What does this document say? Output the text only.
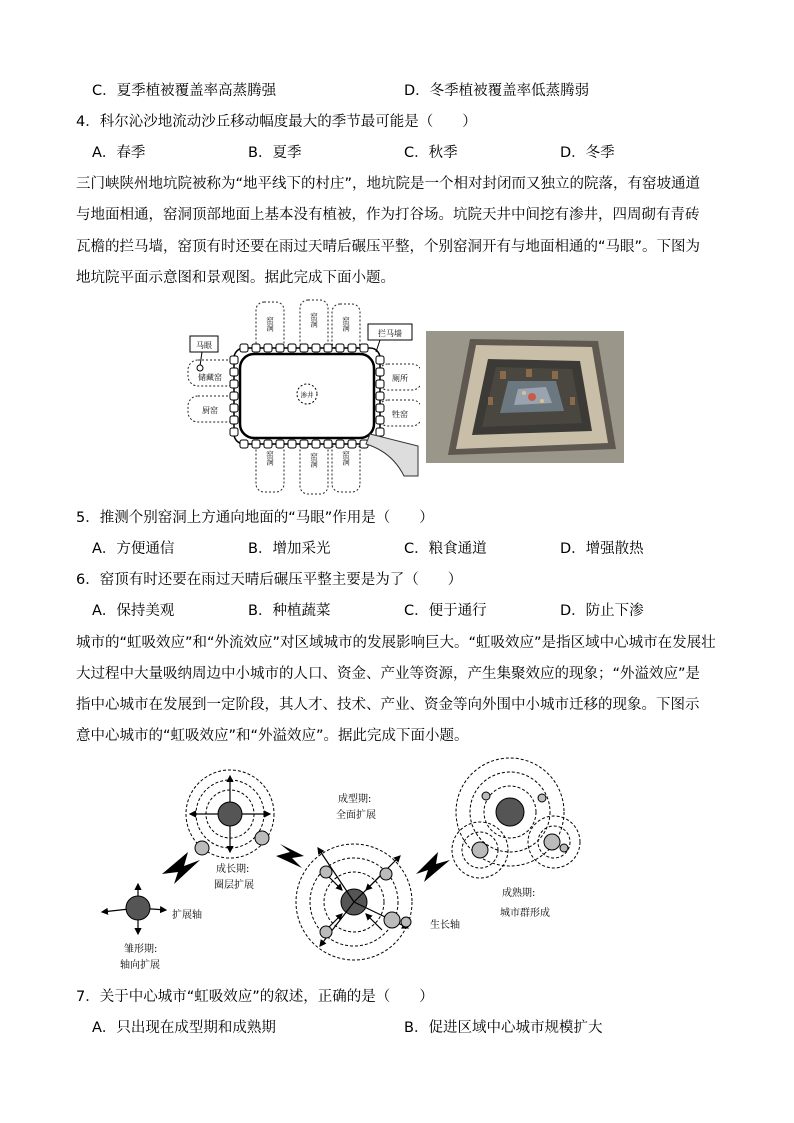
C．夏季植被覆盖率高蒸腾强	D．冬季植被覆盖率低蒸腾弱
4．科尔沁沙地流动沙丘移动幅度最大的季节最可能是（　　）
A．春季	B．夏季	C．秋季	D．冬季
三门峡陕州地坑院被称为“地平线下的村庄”，地坑院是一个相对封闭而又独立的院落，有窑坡通道
与地面相通，窑洞顶部地面上基本没有植被，作为打谷场。坑院天井中间挖有渗井，四周砌有青砖
瓦檐的拦马墙，窑顶有时还要在雨过天晴后碾压平整，个别窑洞开有与地面相通的“马眼”。下图为
地坑院平面示意图和景观图。据此完成下面小题。
马眼
拦马墙
窑洞	窑洞	窑洞
窑洞	窑洞	窑洞
储藏窑
厨窑
厕所
牲窑
渗井
5．推测个别窑洞上方通向地面的“马眼”作用是（　　）
A．方便通信	B．增加采光	C．粮食通道	D．增强散热
6．窑顶有时还要在雨过天晴后碾压平整主要是为了（　　）
A．保持美观	B．种植蔬菜	C．便于通行	D．防止下渗
城市的“虹吸效应”和“外流效应”对区域城市的发展影响巨大。“虹吸效应”是指区域中心城市在发展壮
大过程中大量吸纳周边中小城市的人口、资金、产业等资源，产生集聚效应的现象；“外溢效应”是
指中心城市在发展到一定阶段，其人才、技术、产业、资金等向外围中小城市迁移的现象。下图示
意中心城市的“虹吸效应”和“外溢效应”。据此完成下面小题。
扩展轴
雏形期:
轴向扩展
成长期:
圈层扩展
成型期:
全面扩展
生长轴
成熟期:
城市群形成
7．关于中心城市“虹吸效应”的叙述，正确的是（　　）
A．只出现在成型期和成熟期	B．促进区域中心城市规模扩大
